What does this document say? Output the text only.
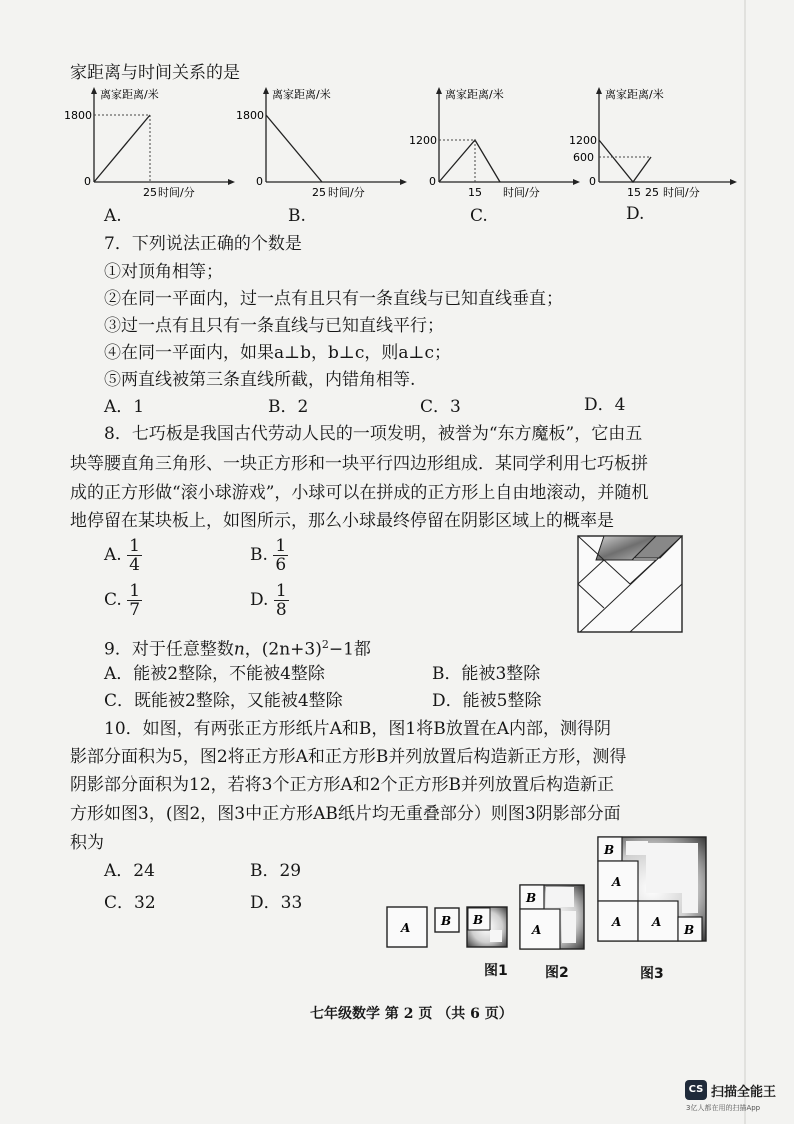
家距离与时间关系的是
离家距离/米
1800
0
25 时间/分
A.
离家距离/米
1800
0
25 时间/分
B.
离家距离/米
1200
0
15 时间/分
C.
离家距离/米
1200
600
0
15 25 时间/分
D.
7．下列说法正确的个数是
①对顶角相等；
②在同一平面内，过一点有且只有一条直线与已知直线垂直；
③过一点有且只有一条直线与已知直线平行；
④在同一平面内，如果a⊥b，b⊥c，则a⊥c；
⑤两直线被第三条直线所截，内错角相等.
A．1	B．2	C．3	D．4
8．七巧板是我国古代劳动人民的一项发明，被誉为“东方魔板”，它由五
块等腰直角三角形、一块正方形和一块平行四边形组成．某同学利用七巧板拼
成的正方形做“滚小球游戏”，小球可以在拼成的正方形上自由地滚动，并随机
地停留在某块板上，如图所示，那么小球最终停留在阴影区域上的概率是
A. $\frac{1}{4}$	B. $\frac{1}{6}$
C. $\frac{1}{7}$	D. $\frac{1}{8}$
9．对于任意整数n，$(2n+3)^2-1$都
A．能被2整除，不能被4整除	B．能被3整除
C．既能被2整除，又能被4整除	D．能被5整除
10．如图，有两张正方形纸片A和B，图1将B放置在A内部，测得阴
影部分面积为5，图2将正方形A和正方形B并列放置后构造新正方形，测得
阴影部分面积为12，若将3个正方形A和2个正方形B并列放置后构造新正
方形如图3，(图2，图3中正方形AB纸片均无重叠部分）则图3阴影部分面
积为
A．24	B．29
C．32	D．33
A	B B
图1
B
A
图2
B
A
A	A
B
图3
七年级数学 第 2 页 （共 6 页）
CS 扫描全能王
3亿人都在用的扫描App
